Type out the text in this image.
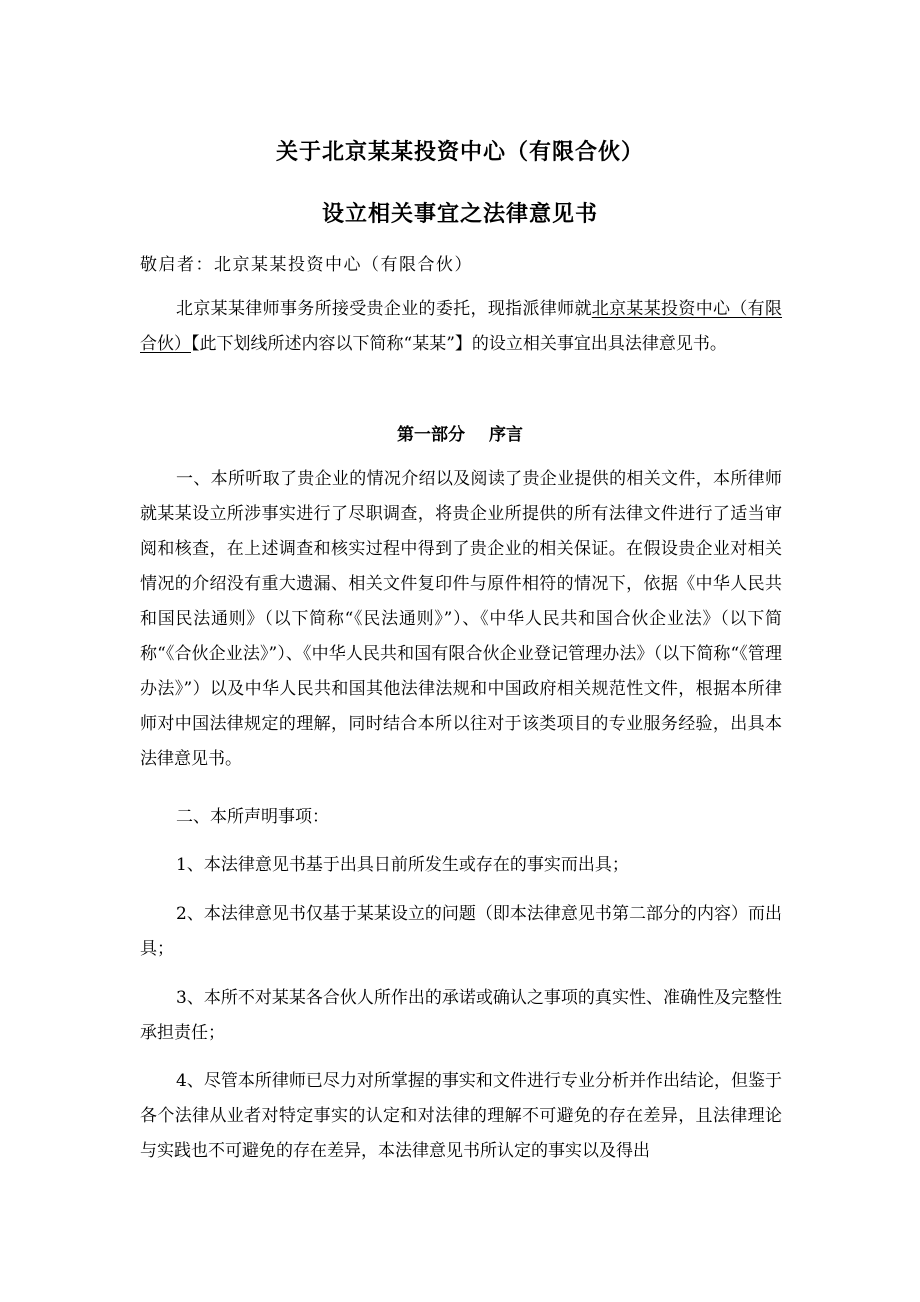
关于北京某某投资中心（有限合伙）
设立相关事宜之法律意见书
敬启者：北京某某投资中心（有限合伙）

北京某某律师事务所接受贵企业的委托，现指派律师就北京某某投资中心（有限合伙）【此下划线所述内容以下简称“某某”】的设立相关事宜出具法律意见书。

第一部分 序言

一、本所听取了贵企业的情况介绍以及阅读了贵企业提供的相关文件，本所律师就某某设立所涉事实进行了尽职调查，将贵企业所提供的所有法律文件进行了适当审阅和核查，在上述调查和核实过程中得到了贵企业的相关保证。在假设贵企业对相关情况的介绍没有重大遗漏、相关文件复印件与原件相符的情况下，依据《中华人民共和国民法通则》（以下简称“《民法通则》”）、《中华人民共和国合伙企业法》（以下简称“《合伙企业法》”）、《中华人民共和国有限合伙企业登记管理办法》（以下简称“《管理办法》”）以及中华人民共和国其他法律法规和中国政府相关规范性文件，根据本所律师对中国法律规定的理解，同时结合本所以往对于该类项目的专业服务经验，出具本法律意见书。

二、本所声明事项：

1、本法律意见书基于出具日前所发生或存在的事实而出具；

2、本法律意见书仅基于某某设立的问题（即本法律意见书第二部分的内容）而出具；

3、本所不对某某各合伙人所作出的承诺或确认之事项的真实性、准确性及完整性承担责任；

4、尽管本所律师已尽力对所掌握的事实和文件进行专业分析并作出结论，但鉴于各个法律从业者对特定事实的认定和对法律的理解不可避免的存在差异，且法律理论与实践也不可避免的存在差异，本法律意见书所认定的事实以及得出
